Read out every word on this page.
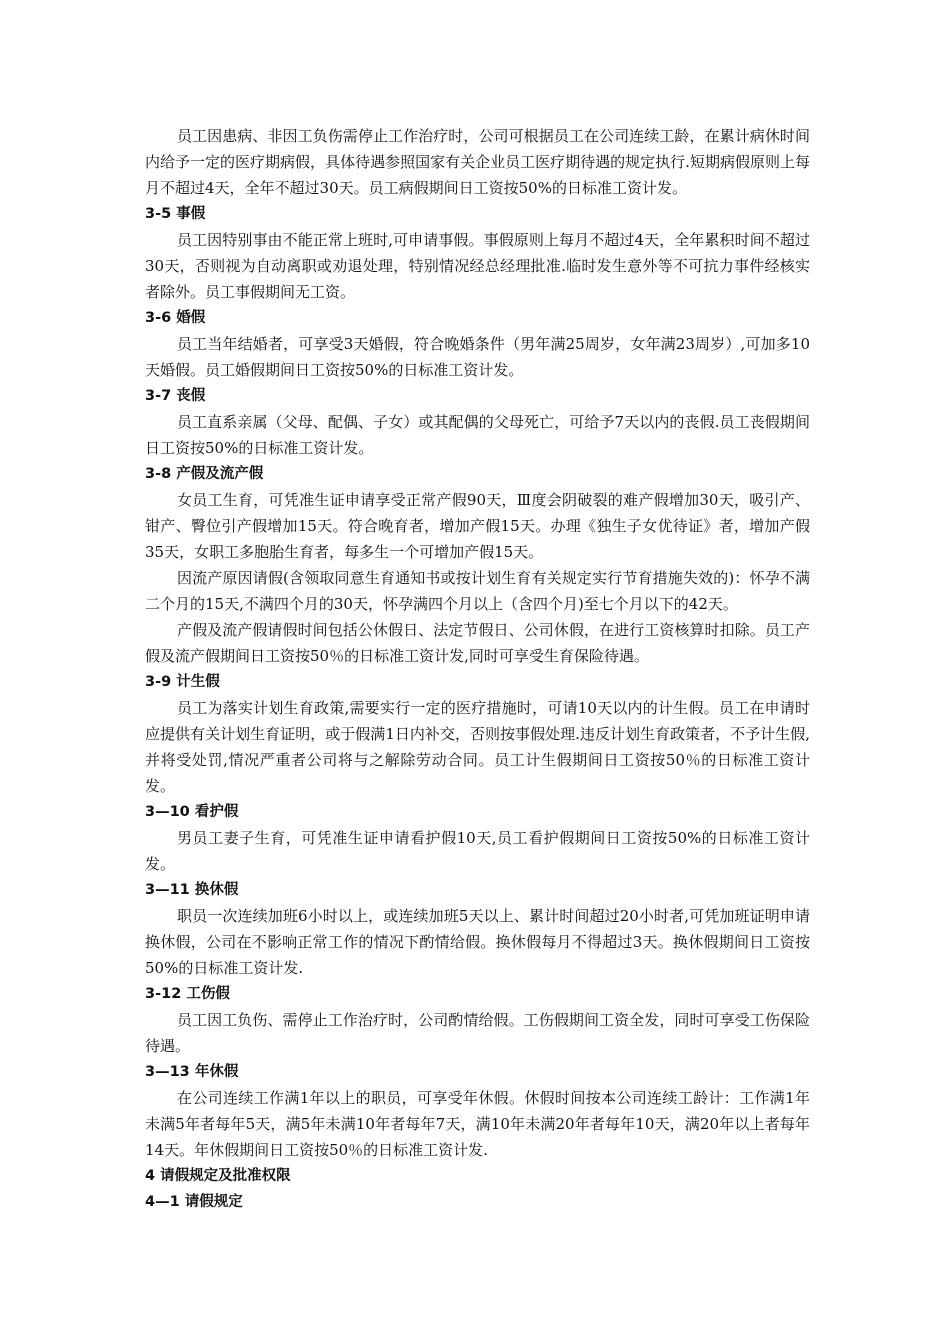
员工因患病、非因工负伤需停止工作治疗时，公司可根据员工在公司连续工龄，在累计病休时间内给予一定的医疗期病假，具体待遇参照国家有关企业员工医疗期待遇的规定执行.短期病假原则上每月不超过4天，全年不超过30天。员工病假期间日工资按50%的日标准工资计发。

3-5 事假

员工因特别事由不能正常上班时,可申请事假。事假原则上每月不超过4天，全年累积时间不超过30天，否则视为自动离职或劝退处理，特别情况经总经理批准.临时发生意外等不可抗力事件经核实者除外。员工事假期间无工资。

3-6 婚假

员工当年结婚者，可享受3天婚假，符合晚婚条件（男年满25周岁，女年满23周岁）,可加多10天婚假。员工婚假期间日工资按50%的日标准工资计发。

3-7 丧假

员工直系亲属（父母、配偶、子女）或其配偶的父母死亡，可给予7天以内的丧假.员工丧假期间日工资按50%的日标准工资计发。

3-8 产假及流产假

女员工生育，可凭准生证申请享受正常产假90天，Ⅲ度会阴破裂的难产假增加30天，吸引产、钳产、臀位引产假增加15天。符合晚育者，增加产假15天。办理《独生子女优待证》者，增加产假35天，女职工多胞胎生育者，每多生一个可增加产假15天。

因流产原因请假(含领取同意生育通知书或按计划生育有关规定实行节育措施失效的)：怀孕不满二个月的15天,不满四个月的30天，怀孕满四个月以上（含四个月)至七个月以下的42天。

产假及流产假请假时间包括公休假日、法定节假日、公司休假，在进行工资核算时扣除。员工产假及流产假期间日工资按50％的日标准工资计发,同时可享受生育保险待遇。

3-9 计生假

员工为落实计划生育政策,需要实行一定的医疗措施时，可请10天以内的计生假。员工在申请时应提供有关计划生育证明，或于假满1日内补交，否则按事假处理.违反计划生育政策者，不予计生假,并将受处罚,情况严重者公司将与之解除劳动合同。员工计生假期间日工资按50％的日标准工资计发。

3—10 看护假

男员工妻子生育，可凭准生证申请看护假10天,员工看护假期间日工资按50%的日标准工资计发。

3—11 换休假

职员一次连续加班6小时以上，或连续加班5天以上、累计时间超过20小时者,可凭加班证明申请换休假，公司在不影响正常工作的情况下酌情给假。换休假每月不得超过3天。换休假期间日工资按50%的日标准工资计发.

3-12 工伤假

员工因工负伤、需停止工作治疗时，公司酌情给假。工伤假期间工资全发，同时可享受工伤保险待遇。

3—13 年休假

在公司连续工作满1年以上的职员，可享受年休假。休假时间按本公司连续工龄计：工作满1年未满5年者每年5天，满5年未满10年者每年7天，满10年未满20年者每年10天，满20年以上者每年14天。年休假期间日工资按50％的日标准工资计发.

4 请假规定及批准权限

4—1 请假规定
